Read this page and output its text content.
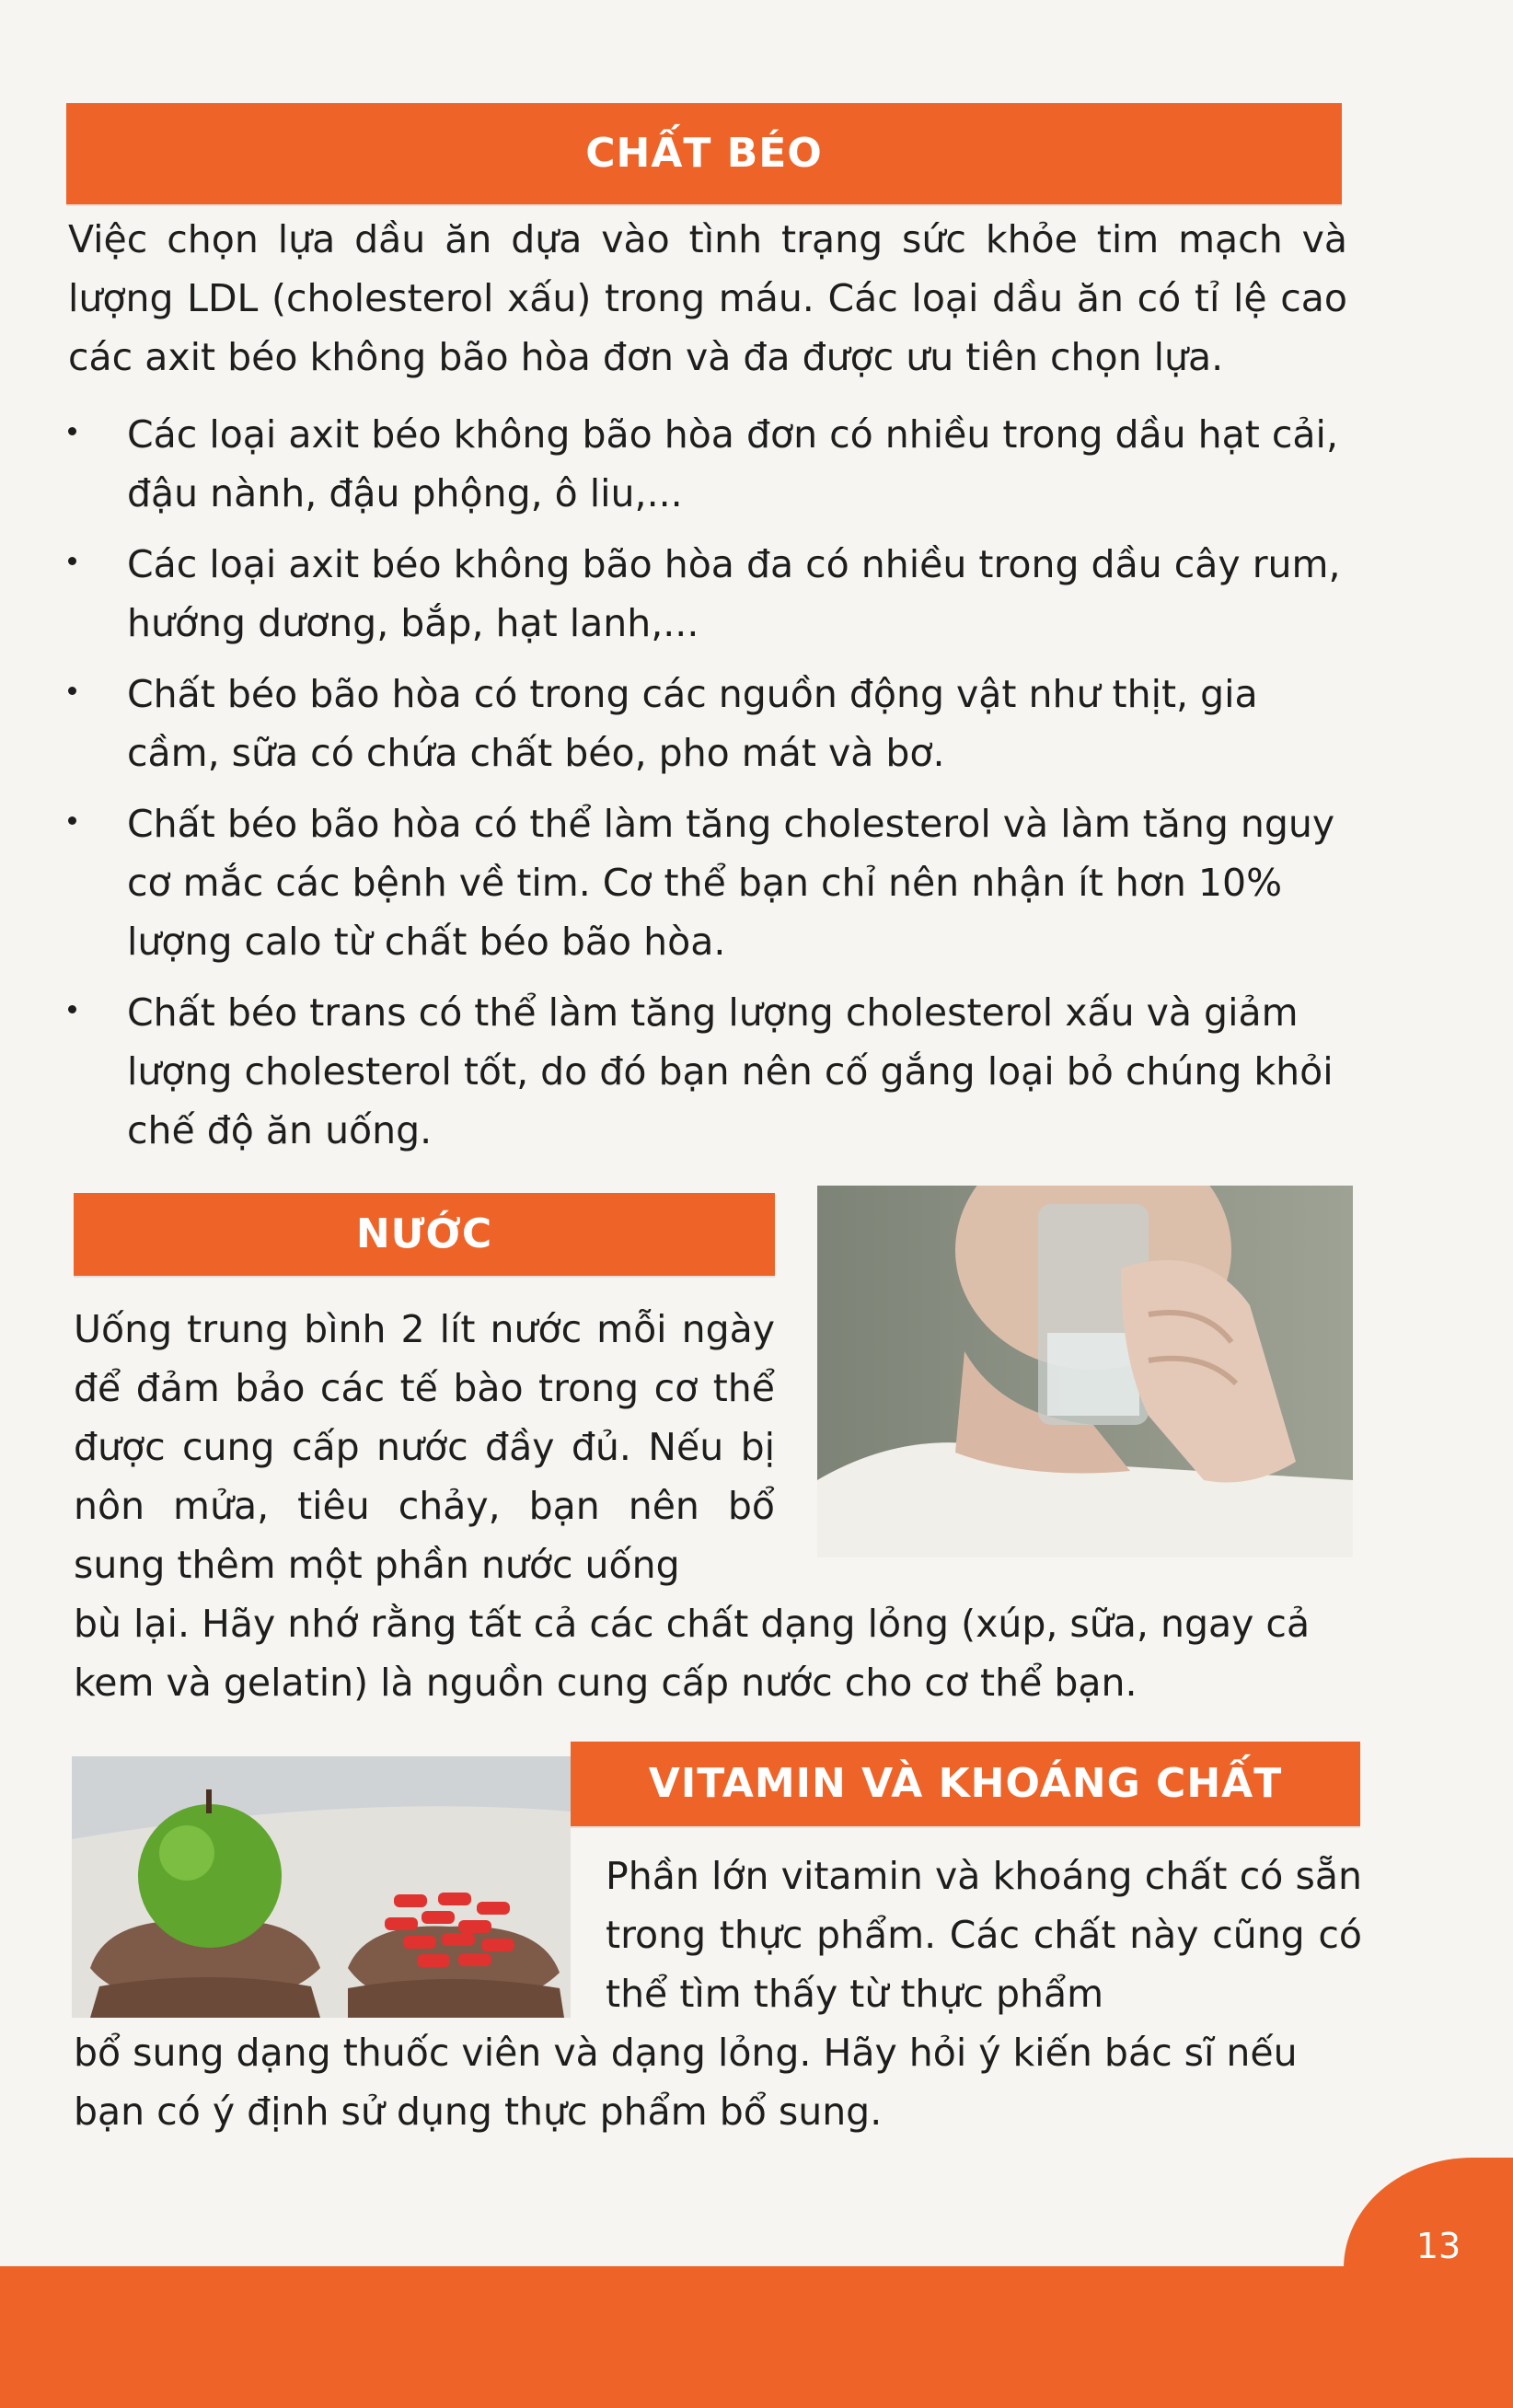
CHẤT BÉO

Việc chọn lựa dầu ăn dựa vào tình trạng sức khỏe tim mạch và lượng LDL (cholesterol xấu) trong máu. Các loại dầu ăn có tỉ lệ cao các axit béo không bão hòa đơn và đa được ưu tiên chọn lựa.

Các loại axit béo không bão hòa đơn có nhiều trong dầu hạt cải, đậu nành, đậu phộng, ô liu,...
Các loại axit béo không bão hòa đa có nhiều trong dầu cây rum, hướng dương, bắp, hạt lanh,...
Chất béo bão hòa có trong các nguồn động vật như thịt, gia cầm, sữa có chứa chất béo, pho mát và bơ.
Chất béo bão hòa có thể làm tăng cholesterol và làm tăng nguy cơ mắc các bệnh về tim. Cơ thể bạn chỉ nên nhận ít hơn 10% lượng calo từ chất béo bão hòa.
Chất béo trans có thể làm tăng lượng cholesterol xấu và giảm lượng cholesterol tốt, do đó bạn nên cố gắng loại bỏ chúng khỏi chế độ ăn uống.
NƯỚC

Uống trung bình 2 lít nước mỗi ngày để đảm bảo các tế bào trong cơ thể được cung cấp nước đầy đủ. Nếu bị nôn mửa, tiêu chảy, bạn nên bổ sung thêm một phần nước uống

bù lại. Hãy nhớ rằng tất cả các chất dạng lỏng (xúp, sữa, ngay cả kem và gelatin) là nguồn cung cấp nước cho cơ thể bạn.

VITAMIN VÀ KHOÁNG CHẤT

Phần lớn vitamin và khoáng chất có sẵn trong thực phẩm. Các chất này cũng có thể tìm thấy từ thực phẩm

bổ sung dạng thuốc viên và dạng lỏng. Hãy hỏi ý kiến bác sĩ nếu bạn có ý định sử dụng thực phẩm bổ sung.

13
